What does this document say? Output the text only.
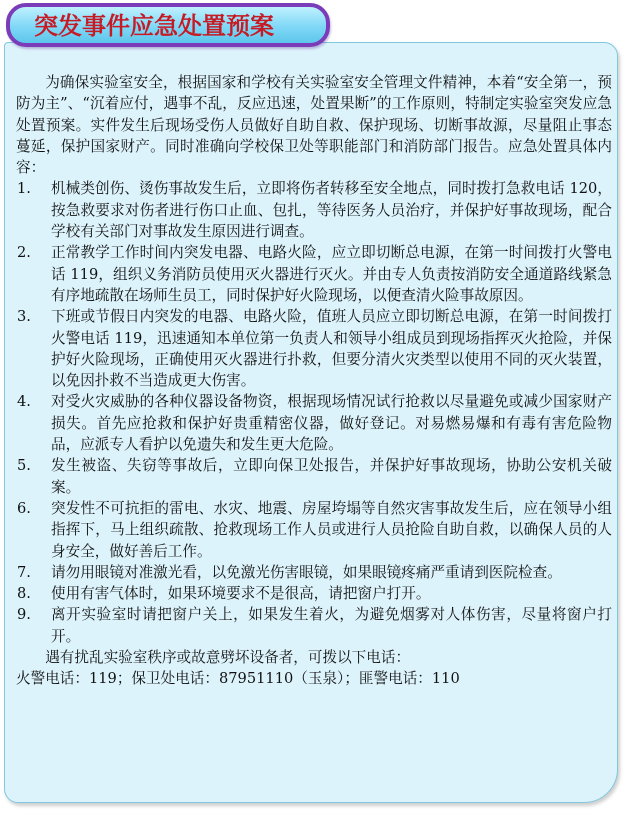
突发事件应急处置预案

为确保实验室安全，根据国家和学校有关实验室安全管理文件精神，本着“安全第一，预防为主”、“沉着应付，遇事不乱，反应迅速，处置果断”的工作原则，特制定实验室突发应急处置预案。实件发生后现场受伤人员做好自助自救、保护现场、切断事故源，尽量阻止事态蔓延，保护国家财产。同时准确向学校保卫处等职能部门和消防部门报告。应急处置具体内容：

1. 机械类创伤、烫伤事故发生后，立即将伤者转移至安全地点，同时拨打急救电话 120，按急救要求对伤者进行伤口止血、包扎，等待医务人员治疗，并保护好事故现场，配合学校有关部门对事故发生原因进行调查。
2. 正常教学工作时间内突发电器、电路火险，应立即切断总电源，在第一时间拨打火警电话 119，组织义务消防员使用灭火器进行灭火。并由专人负责按消防安全通道路线紧急有序地疏散在场师生员工，同时保护好火险现场，以便查清火险事故原因。
3. 下班或节假日内突发的电器、电路火险，值班人员应立即切断总电源，在第一时间拨打火警电话 119，迅速通知本单位第一负责人和领导小组成员到现场指挥灭火抢险，并保护好火险现场，正确使用灭火器进行扑救，但要分清火灾类型以使用不同的灭火装置，以免因扑救不当造成更大伤害。
4. 对受火灾威胁的各种仪器设备物资，根据现场情况试行抢救以尽量避免或减少国家财产损失。首先应抢救和保护好贵重精密仪器，做好登记。对易燃易爆和有毒有害危险物品，应派专人看护以免遗失和发生更大危险。
5. 发生被盗、失窃等事故后，立即向保卫处报告，并保护好事故现场，协助公安机关破案。
6. 突发性不可抗拒的雷电、水灾、地震、房屋垮塌等自然灾害事故发生后，应在领导小组指挥下，马上组织疏散、抢救现场工作人员或进行人员抢险自助自救，以确保人员的人身安全，做好善后工作。
7. 请勿用眼镜对准激光看，以免激光伤害眼镜，如果眼镜疼痛严重请到医院检查。
8. 使用有害气体时，如果环境要求不是很高，请把窗户打开。
9. 离开实验室时请把窗户关上，如果发生着火，为避免烟雾对人体伤害，尽量将窗户打开。

遇有扰乱实验室秩序或故意劈坏设备者，可拨以下电话：

火警电话：119；保卫处电话：87951110（玉泉）；匪警电话：110
